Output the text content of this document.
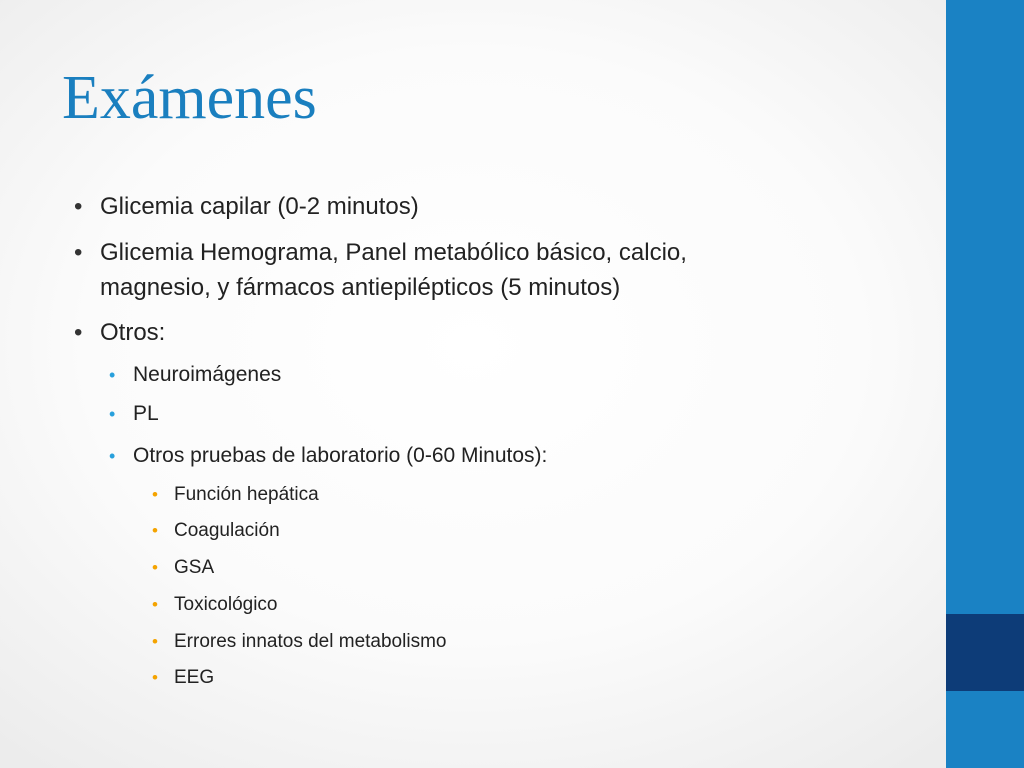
Exámenes
• Glicemia capilar (0-2 minutos)
• Glicemia Hemograma, Panel metabólico básico, calcio,
magnesio, y fármacos antiepilépticos (5 minutos)
• Otros:
• Neuroimágenes
• PL
• Otros pruebas de laboratorio (0-60 Minutos):
• Función hepática
• Coagulación
• GSA
• Toxicológico
• Errores innatos del metabolismo
• EEG
